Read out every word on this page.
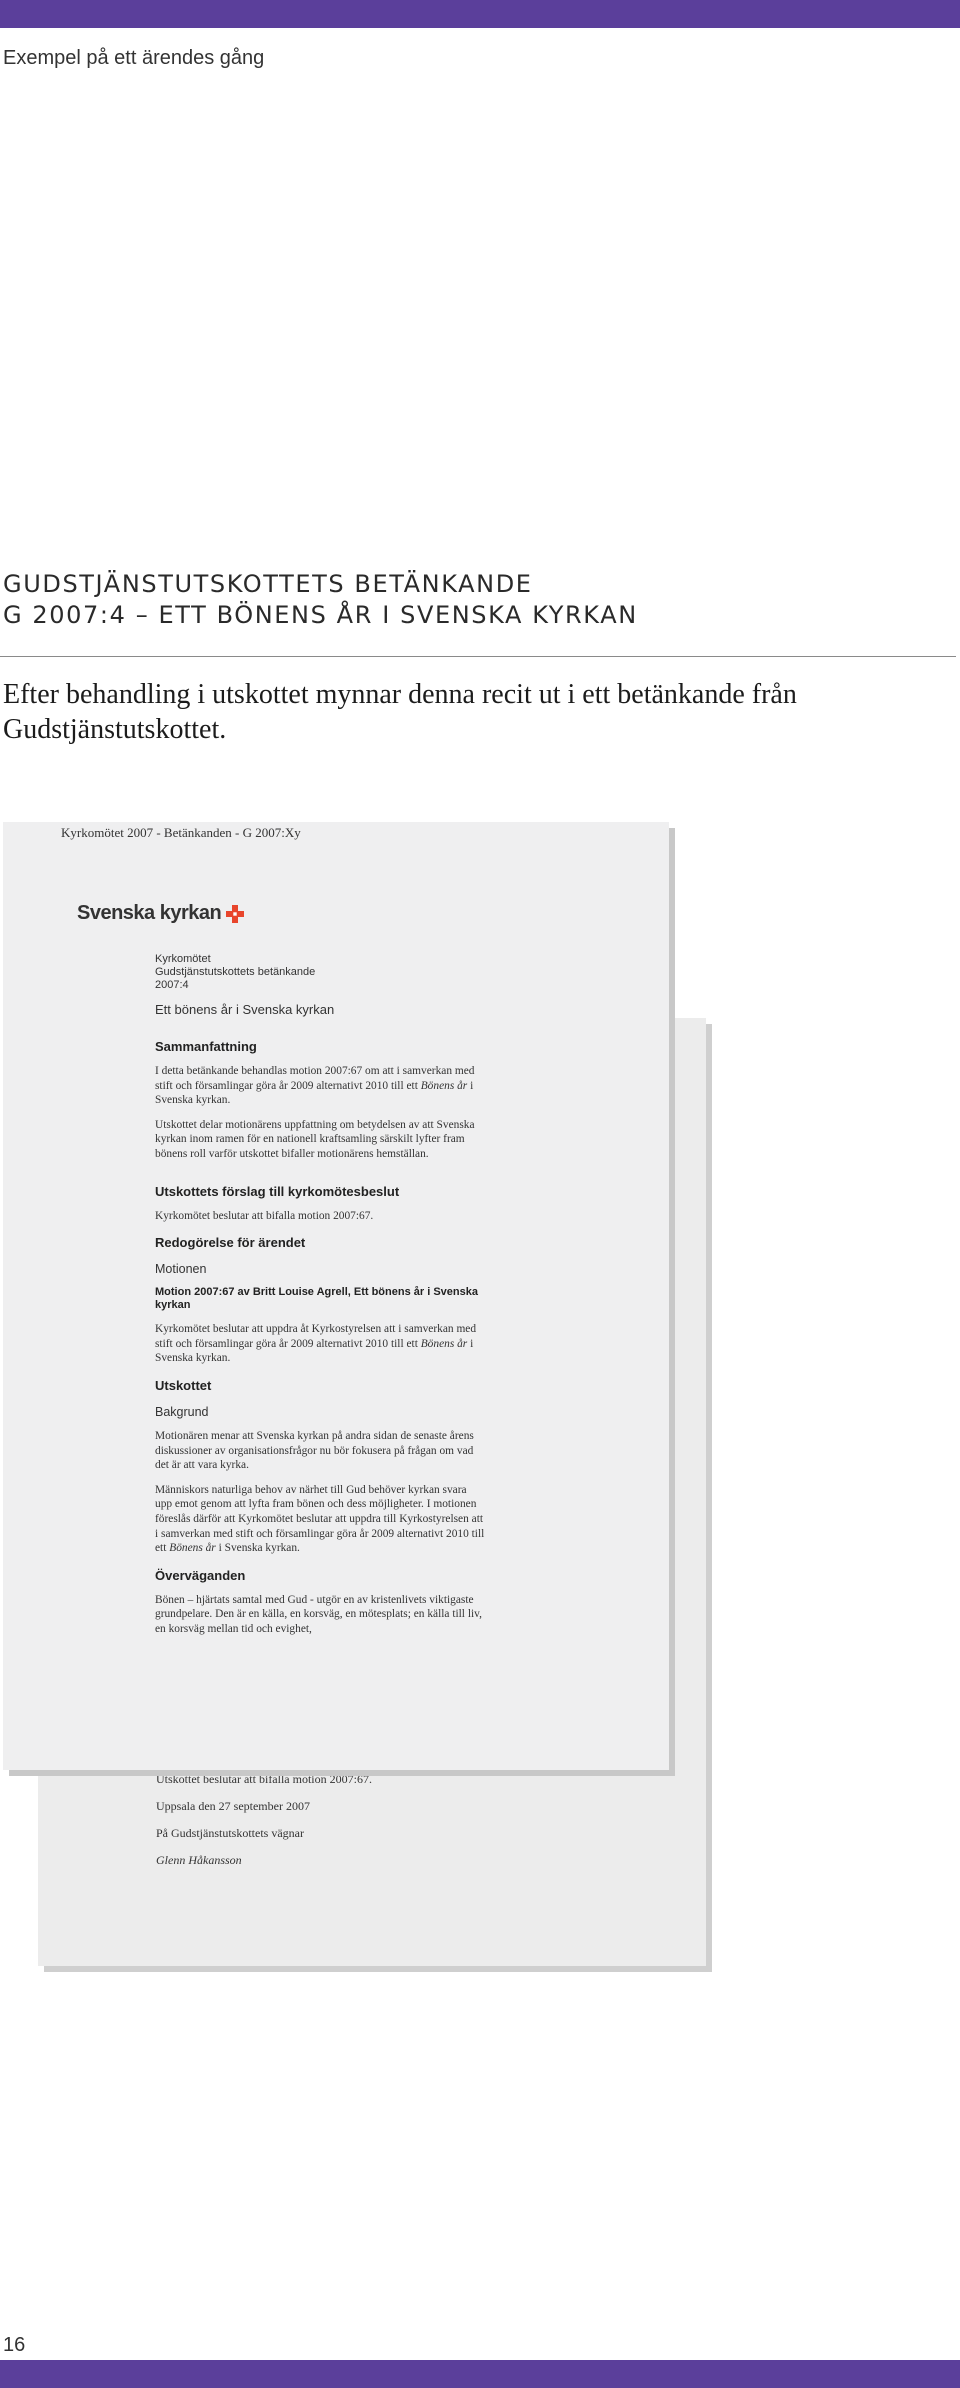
Exempel på ett ärendes gång
GUDSTJÄNSTUTSKOTTETS BETÄNKANDE
G 2007:4 – ETT BÖNENS ÅR I SVENSKA KYRKAN

Efter behandling i utskottet mynnar denna recit ut i ett betänkande från Gudstjänstutskottet.

Utskottet beslutar att bifalla motion 2007:67.
Uppsala den 27 september 2007
På Gudstjänstutskottets vägnar
Glenn Håkansson
Kyrkomötet 2007 - Betänkanden - G 2007:Xy
Svenska kyrkan
Kyrkomötet
Gudstjänstutskottets betänkande
2007:4
Ett bönens år i Svenska kyrkan
Sammanfattning

I detta betänkande behandlas motion 2007:67 om att i samverkan med stift och församlingar göra år 2009 alternativt 2010 till ett Bönens år i Svenska kyrkan.

Utskottet delar motionärens uppfattning om betydelsen av att Svenska kyrkan inom ramen för en nationell kraftsamling särskilt lyfter fram bönens roll varför utskottet bifaller motionärens hemställan.

Utskottets förslag till kyrkomötesbeslut

Kyrkomötet beslutar att bifalla motion 2007:67.

Redogörelse för ärendet
Motionen
Motion 2007:67 av Britt Louise Agrell, Ett bönens år i Svenska kyrkan

Kyrkomötet beslutar att uppdra åt Kyrkostyrelsen att i samverkan med stift och församlingar göra år 2009 alternativt 2010 till ett Bönens år i Svenska kyrkan.

Utskottet
Bakgrund

Motionären menar att Svenska kyrkan på andra sidan de senaste årens diskussioner av organisationsfrågor nu bör fokusera på frågan om vad det är att vara kyrka.

Människors naturliga behov av närhet till Gud behöver kyrkan svara upp emot genom att lyfta fram bönen och dess möjligheter. I motionen föreslås därför att Kyrkomötet beslutar att uppdra till Kyrkostyrelsen att i samverkan med stift och församlingar göra år 2009 alternativt 2010 till ett Bönens år i Svenska kyrkan.

Överväganden

Bönen – hjärtats samtal med Gud - utgör en av kristenlivets viktigaste grundpelare. Den är en källa, en korsväg, en mötesplats; en källa till liv, en korsväg mellan tid och evighet,

16
